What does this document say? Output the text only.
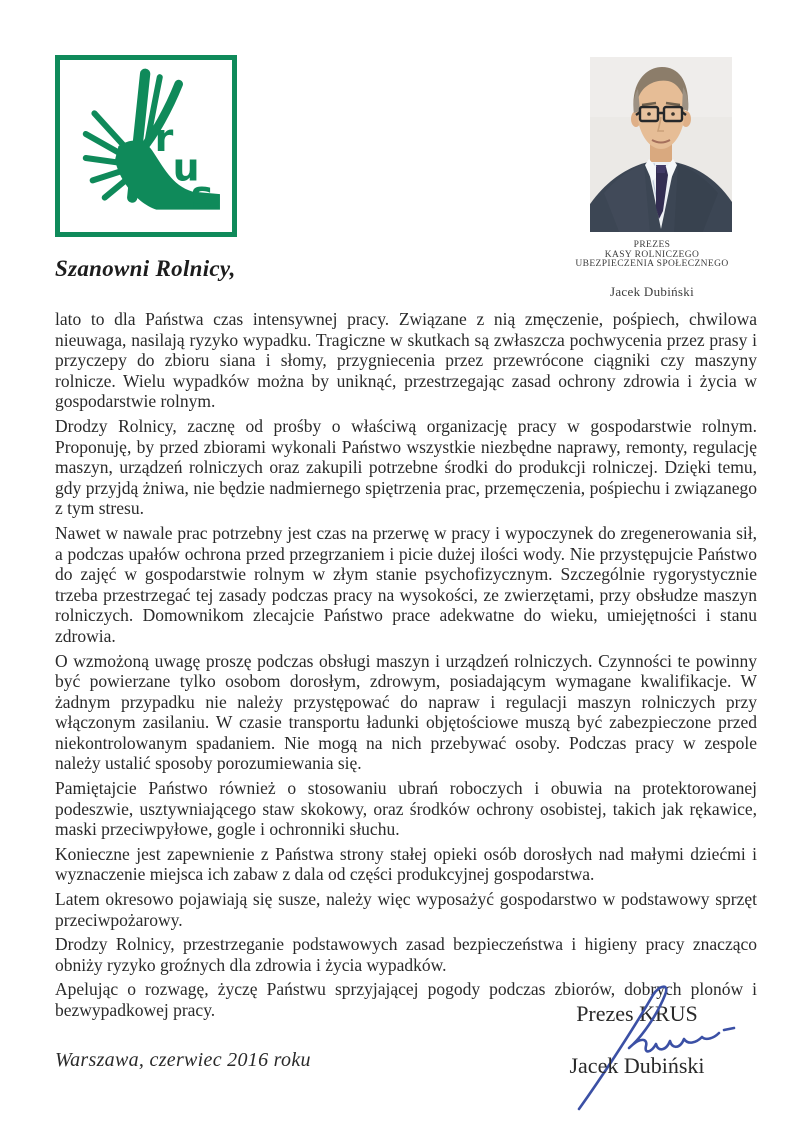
r
u
s
Szanowni Rolnicy,
PREZES
KASY ROLNICZEGO
UBEZPIECZENIA SPOŁECZNEGO
Jacek Dubiński

lato to dla Państwa czas intensywnej pracy. Związane z nią zmęczenie, pośpiech, chwilowa nieuwaga, nasilają ryzyko wypadku. Tragiczne w skutkach są zwłaszcza pochwycenia przez prasy i przyczepy do zbioru siana i słomy, przygniecenia przez przewrócone ciągniki czy maszyny rolnicze. Wielu wypadków można by uniknąć, przestrzegając zasad ochrony zdrowia i życia w gospodarstwie rolnym.

Drodzy Rolnicy, zacznę od prośby o właściwą organizację pracy w gospodarstwie rolnym. Proponuję, by przed zbiorami wykonali Państwo wszystkie niezbędne naprawy, remonty, regulację maszyn, urządzeń rolniczych oraz zakupili potrzebne środki do produkcji rolniczej. Dzięki temu, gdy przyjdą żniwa, nie będzie nadmiernego spiętrzenia prac, przemęczenia, pośpiechu i związanego z tym stresu.

Nawet w nawale prac potrzebny jest czas na przerwę w pracy i wypoczynek do zregenerowania sił, a podczas upałów ochrona przed przegrzaniem i picie dużej ilości wody. Nie przystępujcie Państwo do zajęć w gospodarstwie rolnym w złym stanie psychofizycznym. Szczególnie rygorystycznie trzeba przestrzegać tej zasady podczas pracy na wysokości, ze zwierzętami, przy obsłudze maszyn rolniczych. Domownikom zlecajcie Państwo prace adekwatne do wieku, umiejętności i stanu zdrowia.

O wzmożoną uwagę proszę podczas obsługi maszyn i urządzeń rolniczych. Czynności te powinny być powierzane tylko osobom dorosłym, zdrowym, posiadającym wymagane kwalifikacje. W żadnym przypadku nie należy przystępować do napraw i regulacji maszyn rolniczych przy włączonym zasilaniu. W czasie transportu ładunki objętościowe muszą być zabezpieczone przed niekontrolowanym spadaniem. Nie mogą na nich przebywać osoby. Podczas pracy w zespole należy ustalić sposoby porozumiewania się.

Pamiętajcie Państwo również o stosowaniu ubrań roboczych i obuwia na protektorowanej podeszwie, usztywniającego staw skokowy, oraz środków ochrony osobistej, takich jak rękawice, maski przeciwpyłowe, gogle i ochronniki słuchu.

Konieczne jest zapewnienie z Państwa strony stałej opieki osób dorosłych nad małymi dziećmi i wyznaczenie miejsca ich zabaw z dala od części produkcyjnej gospodarstwa.

Latem okresowo pojawiają się susze, należy więc wyposażyć gospodarstwo w podstawowy sprzęt przeciwpożarowy.

Drodzy Rolnicy, przestrzeganie podstawowych zasad bezpieczeństwa i higieny pracy znacząco obniży ryzyko groźnych dla zdrowia i życia wypadków.

Apelując o rozwagę, życzę Państwu sprzyjającej pogody podczas zbiorów, dobrych plonów i bezwypadkowej pracy.	Prezes KRUS
Jacek Dubiński
Warszawa, czerwiec 2016 roku
